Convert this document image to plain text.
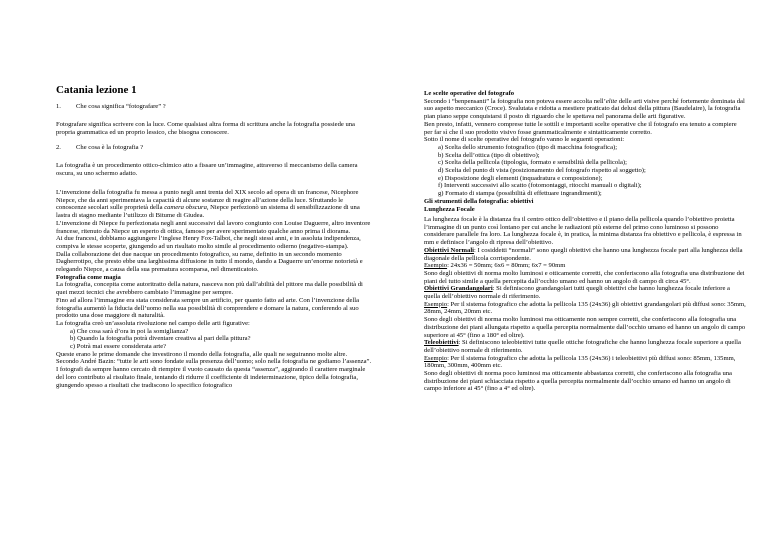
Catania lezione 1
1. Che cosa significa “fotografare” ?

Fotografare significa scrivere con la luce. Come qualsiasi altra forma di scrittura anche la fotografia possiede una propria grammatica ed un proprio lessico, che bisogna conoscere.

2. Che cosa è la fotografia ?

La fotografia è un procedimento ottico-chimico atto a fissare un’immagine, attraverso il meccanismo della camera oscura, su uno schermo adatto.

L’invenzione della fotografia fu messa a punto negli anni trenta del XIX secolo ad opera di un francese, Nicephore Niepce, che da anni sperimentava la capacità di alcune sostanze di reagire all’azione della luce. Sfruttando le conoscenze secolari sulle proprietà della camera obscura, Niepce perfezionò un sistema di sensibilizzazione di una lastra di stagno mediante l’utilizzo di Bitume di Giudea.

L’invenzione di Niepce fu perfezionata negli anni successivi dal lavoro congiunto con Louise Daguerre, altro inventore francese, ritenuto da Niepce un esperto di ottica, famoso per avere sperimentato qualche anno prima il diorama.

Ai due francesi, dobbiamo aggiungere l’inglese Henry Fox-Talbot, che negli stessi anni, e in assoluta indipendenza, compiva le stesse scoperte, giungendo ad un risultato molto simile al procedimento odierno (negativo-stampa).

Dalla collaborazione dei due nacque un procedimento fotografico, su rame, definito in un secondo momento Dagherrotipo, che presto ebbe una larghissima diffusione in tutto il mondo, dando a Daguerre un’enorme notorietà e relegando Niepce, a causa della sua prematura scomparsa, nel dimenticatoio.

Fotografia come magia

La fotografia, concepita come autoritratto della natura, nasceva non più dall’abilità del pittore ma dalle possibilità di quei mezzi tecnici che avrebbero cambiato l’immagine per sempre.

Fino ad allora l’immagine era stata considerata sempre un artificio, per quanto fatto ad arte. Con l’invenzione della fotografia aumentò la fiducia dell’uomo nella sua possibilità di comprendere e domare la natura, conferendo al suo prodotto una dose maggiore di naturalità.

La fotografia creò un’assoluta rivoluzione nel campo delle arti figurative:

a) Che cosa sarà d’ora in poi la somiglianza?
b) Quando la fotografia potrà diventare creativa al pari della pittura?
c) Potrà mai essere considerata arte?

Queste erano le prime domande che investirono il mondo della fotografia, alle quali ne seguiranno molte altre.

Secondo André Bazin: “tutte le arti sono fondate sulla presenza dell’uomo; solo nella fotografia ne godiamo l’assenza”. I fotografi da sempre hanno cercato di riempire il vuoto causato da questa “assenza”, aggirando il carattere marginale del loro contributo al risultato finale, tentando di ridurre il coefficiente di indeterminazione, tipico della fotografia, giungendo spesso a risultati che tradiscono lo specifico fotografico

Le scelte operative del fotografo

Secondo i “benpensanti” la fotografia non poteva essere accolta nell’elite delle arti visive perché fortemente dominata dal suo aspetto meccanico (Croce). Svalutata e ridotta a mestiere praticato dai delusi della pittura (Baudelaire), la fotografia pian piano seppe conquistarsi il posto di riguardo che le spettava nel panorama delle arti figurative.

Ben presto, infatti, vennero comprese tutte le sottili e importanti scelte operative che il fotografo era tenuto a compiere per far sì che il suo prodotto visivo fosse grammaticalmente e sintatticamente corretto.

Sotto il nome di scelte operative del fotografo vanno le seguenti operazioni:

a) Scelta dello strumento fotografico (tipo di macchina fotografica);
b) Scelta dell’ottica (tipo di obiettivo);
c) Scelta della pellicola (tipologia, formato e sensibilità della pellicola);
d) Scelta del punto di vista (posizionamento del fotografo rispetto al soggetto);
e) Disposizione degli elementi (inquadratura e composizione);
f) Interventi successivi allo scatto (fotomontaggi, ritocchi manuali o digitali);
g) Formato di stampa (possibilità di effettuare ingrandimenti);

Gli strumenti della fotografia: obiettivi

Lunghezza Focale

La lunghezza focale è la distanza fra il centro ottico dell’obiettivo e il piano della pellicola quando l’obiettivo proietta l’immagine di un punto così lontano per cui anche le radiazioni più esterne del primo cono luminoso si possono considerare parallele fra loro. La lunghezza focale è, in pratica, la minima distanza fra obiettivo e pellicola, è espressa in mm e definisce l’angolo di ripresa dell’obiettivo.

Obiettivi Normali: I cosiddetti “normali” sono quegli obiettivi che hanno una lunghezza focale pari alla lunghezza della diagonale della pellicola corrispondente.

Esempio: 24x36 = 50mm; 6x6 = 80mm; 6x7 = 90mm

Sono degli obiettivi di norma molto luminosi e otticamente corretti, che conferiscono alla fotografia una distribuzione dei piani del tutto simile a quella percepita dall’occhio umano ed hanno un angolo di campo di circa 45°.

Obiettivi Grandangolari: Si definiscono grandangolari tutti quegli obiettivi che hanno lunghezza focale inferiore a quella dell’obiettivo normale di riferimento.

Esempio: Per il sistema fotografico che adotta la pellicola 135 (24x36) gli obiettivi grandangolari più diffusi sono: 35mm, 28mm, 24mm, 20mm etc.

Sono degli obiettivi di norma molto luminosi ma otticamente non sempre corretti, che conferiscono alla fotografia una distribuzione dei piani allungata rispetto a quella percepita normalmente dall’occhio umano ed hanno un angolo di campo superiore ai 45° (fino a 180° ed oltre).

Teleobiettivi: Si definiscono teleobiettivi tutte quelle ottiche fotografiche che hanno lunghezza focale superiore a quella dell’obiettivo normale di riferimento.

Esempio: Per il sistema fotografico che adotta la pellicola 135 (24x36) i teleobiettivi più diffusi sono: 85mm, 135mm, 180mm, 300mm, 400mm etc.

Sono degli obiettivi di norma poco luminosi ma otticamente abbastanza corretti, che conferiscono alla fotografia una distribuzione dei piani schiacciata rispetto a quella percepita normalmente dall’occhio umano ed hanno un angolo di campo inferiore ai 45° (fino a 4° ed oltre).
